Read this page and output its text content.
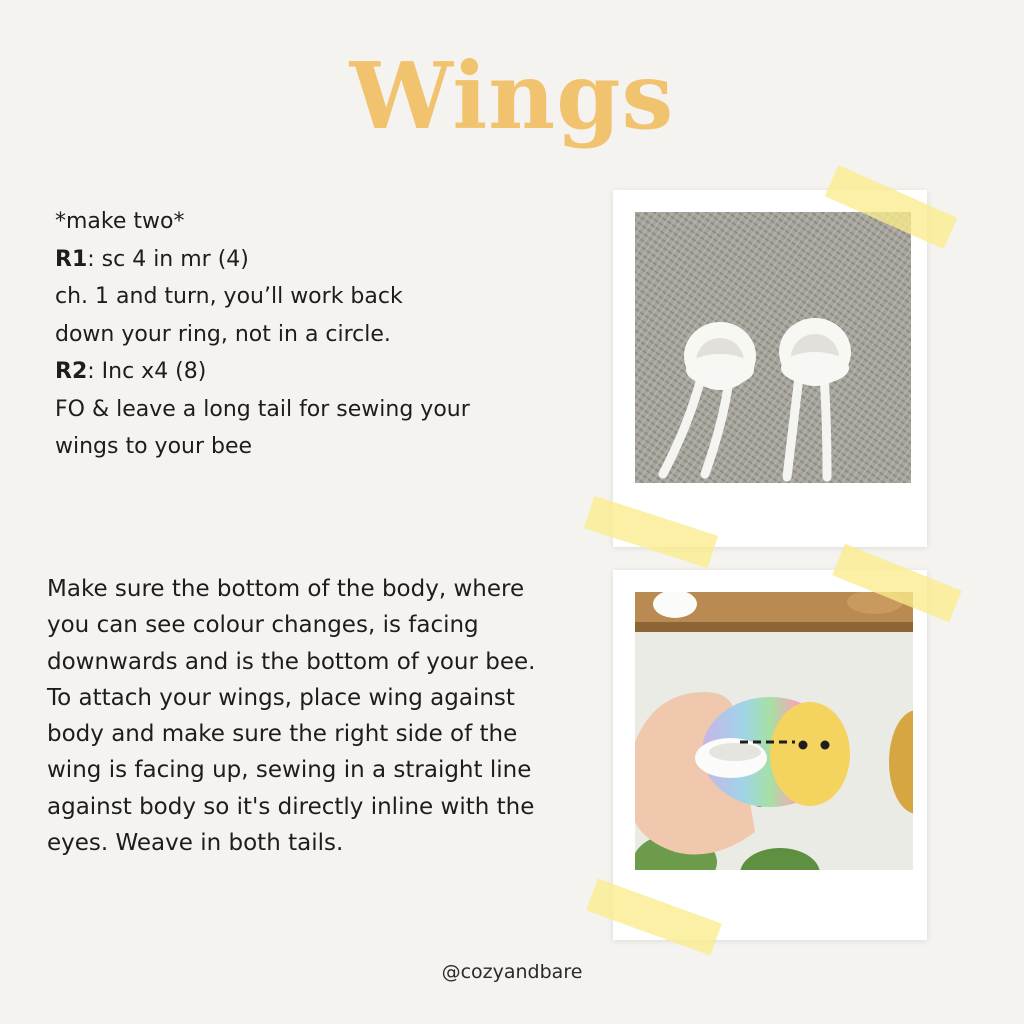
Wings
*make two*
R1: sc 4 in mr (4)
ch. 1 and turn, you’ll work back
down your ring, not in a circle.
R2: Inc x4 (8)
FO & leave a long tail for sewing your
wings to your bee
Make sure the bottom of the body, where
you can see colour changes, is facing
downwards and is the bottom of your bee.
To attach your wings, place wing against
body and make sure the right side of the
wing is facing up, sewing in a straight line
against body so it's directly inline with the
eyes. Weave in both tails.
@cozyandbare
